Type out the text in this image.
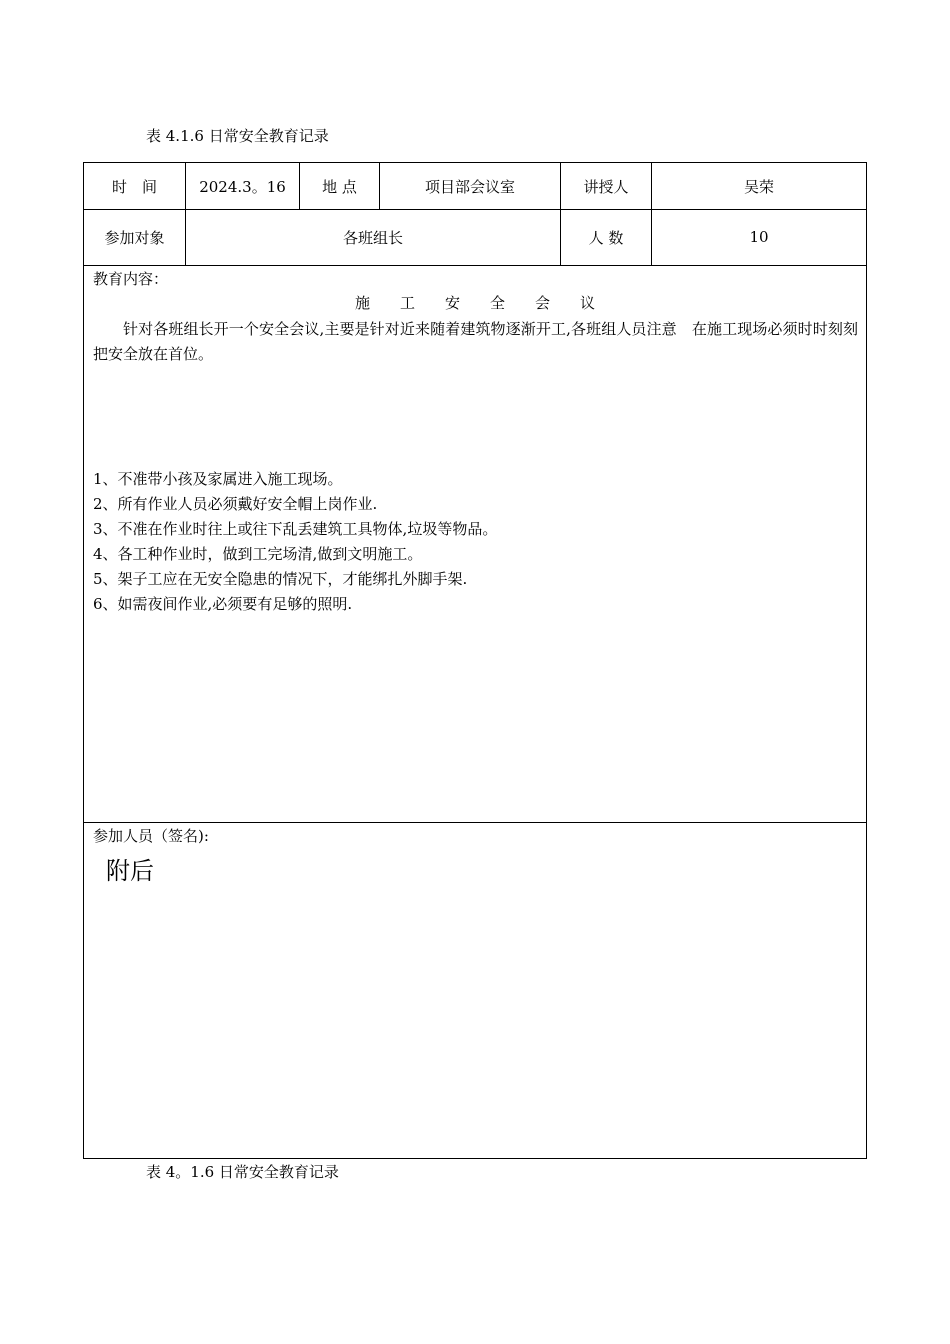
表 4.1.6 日常安全教育记录
时　间	2024.3。16	地 点	项目部会议室	讲授人	吴荣
参加对象	各班组长	人 数	10
教育内容：
施工安全会议
针对各班组长开一个安全会议,主要是针对近来随着建筑物逐渐开工,各班组人员注意　在施工现场必须时时刻刻把安全放在首位。
1、不准带小孩及家属进入施工现场。
2、所有作业人员必须戴好安全帽上岗作业.
3、不准在作业时往上或往下乱丢建筑工具物体,垃圾等物品。
4、各工种作业时，做到工完场清,做到文明施工。
5、架子工应在无安全隐患的情况下，才能绑扎外脚手架.
6、如需夜间作业,必须要有足够的照明.
参加人员（签名):
附后
表 4。1.6 日常安全教育记录
